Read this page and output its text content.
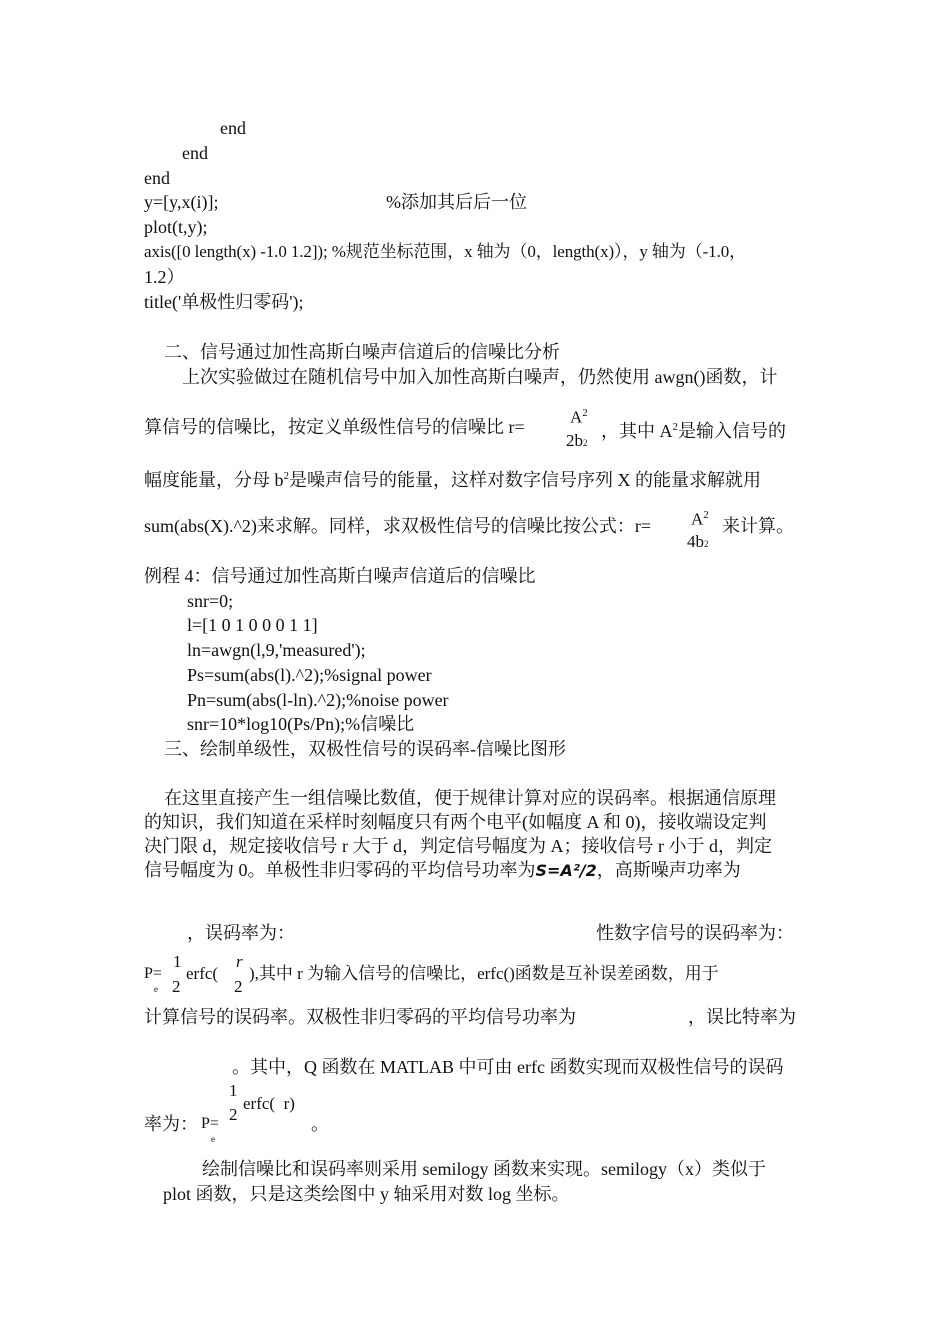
end
end
end
y=[y,x(i)];	%添加其后后一位
plot(t,y);
axis([0 length(x) -1.0 1.2]); %规范坐标范围，x 轴为（0，length(x)），y 轴为（-1.0，
1.2）
title('单极性归零码');
二、信号通过加性高斯白噪声信道后的信噪比分析
上次实验做过在随机信号中加入加性高斯白噪声，仍然使用 awgn()函数，计
算信号的信噪比，按定义单级性信号的信噪比 r=	$A^2$
2b2
，其中 $A^2$是输入信号的
幅度能量，分母 $b^2$是噪声信号的能量，这样对数字信号序列 X 的能量求解就用
sum(abs(X).^2)来求解。同样，求双极性信号的信噪比按公式：$r= A^2$
4b2
来计算。
例程 4：信号通过加性高斯白噪声信道后的信噪比
snr=0;
l=[1 0 1 0 0 0 1 1]
ln=awgn(l,9,'measured');
Ps=sum(abs(l).^2);%signal power
Pn=sum(abs(l-ln).^2);%noise power
snr=10*log10(Ps/Pn);%信噪比
三、绘制单级性，双极性信号的误码率-信噪比图形
在这里直接产生一组信噪比数值，便于规律计算对应的误码率。根据通信原理
的知识，我们知道在采样时刻幅度只有两个电平(如幅度 A 和 0)，接收端设定判
决门限 d，规定接收信号 r 大于 d，判定信号幅度为 A；接收信号 r 小于 d，判定
信号幅度为 0。单极性非归零码的平均信号功率为S=A²/2，高斯噪声功率为
，误码率为：	性数字信号的误码率为：
P=
e
1
2
erfc(
r
2
),其中 r 为输入信号的信噪比，erfc()函数是互补误差函数，用于
计算信号的误码率。双极性非归零码的平均信号功率为	，误比特率为
。其中，Q 函数在 MATLAB 中可由 erfc 函数实现而双极性信号的误码
1
2
erfc(  r)
率为： P=
e
。
绘制信噪比和误码率则采用 semilogy 函数来实现。semilogy（x）类似于
plot 函数，只是这类绘图中 y 轴采用对数 log 坐标。
